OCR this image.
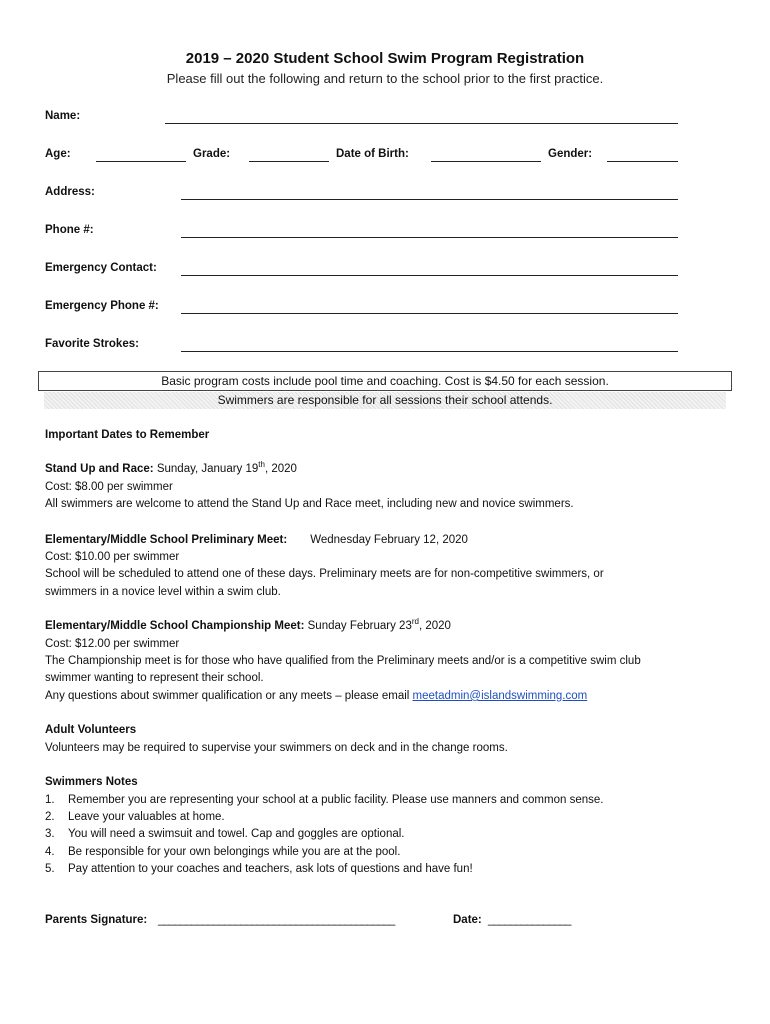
2019 – 2020 Student School Swim Program Registration
Please fill out the following and return to the school prior to the first practice.
Name:
Age:	Grade:	Date of Birth:	Gender:
Address:
Phone #:
Emergency Contact:
Emergency Phone #:
Favorite Strokes:
Basic program costs include pool time and coaching. Cost is $4.50 for each session.
Swimmers are responsible for all sessions their school attends.
Important Dates to Remember
Stand Up and Race: Sunday, January 19th, 2020
Cost: $8.00 per swimmer
All swimmers are welcome to attend the Stand Up and Race meet, including new and novice swimmers.
Elementary/Middle School Preliminary Meet: Wednesday February 12, 2020
Cost: $10.00 per swimmer
School will be scheduled to attend one of these days. Preliminary meets are for non-competitive swimmers, or
swimmers in a novice level within a swim club.
Elementary/Middle School Championship Meet: Sunday February 23rd, 2020
Cost: $12.00 per swimmer
The Championship meet is for those who have qualified from the Preliminary meets and/or is a competitive swim club
swimmer wanting to represent their school.
Any questions about swimmer qualification or any meets – please email meetadmin@islandswimming.com
Adult Volunteers
Volunteers may be required to supervise your swimmers on deck and in the change rooms.
Swimmers Notes
1.	Remember you are representing your school at a public facility. Please use manners and common sense.
2.	Leave your valuables at home.
3.	You will need a swimsuit and towel. Cap and goggles are optional.
4.	Be responsible for your own belongings while you are at the pool.
5.	Pay attention to your coaches and teachers, ask lots of questions and have fun!
Parents Signature: ___________________________________________	Date: _______________
